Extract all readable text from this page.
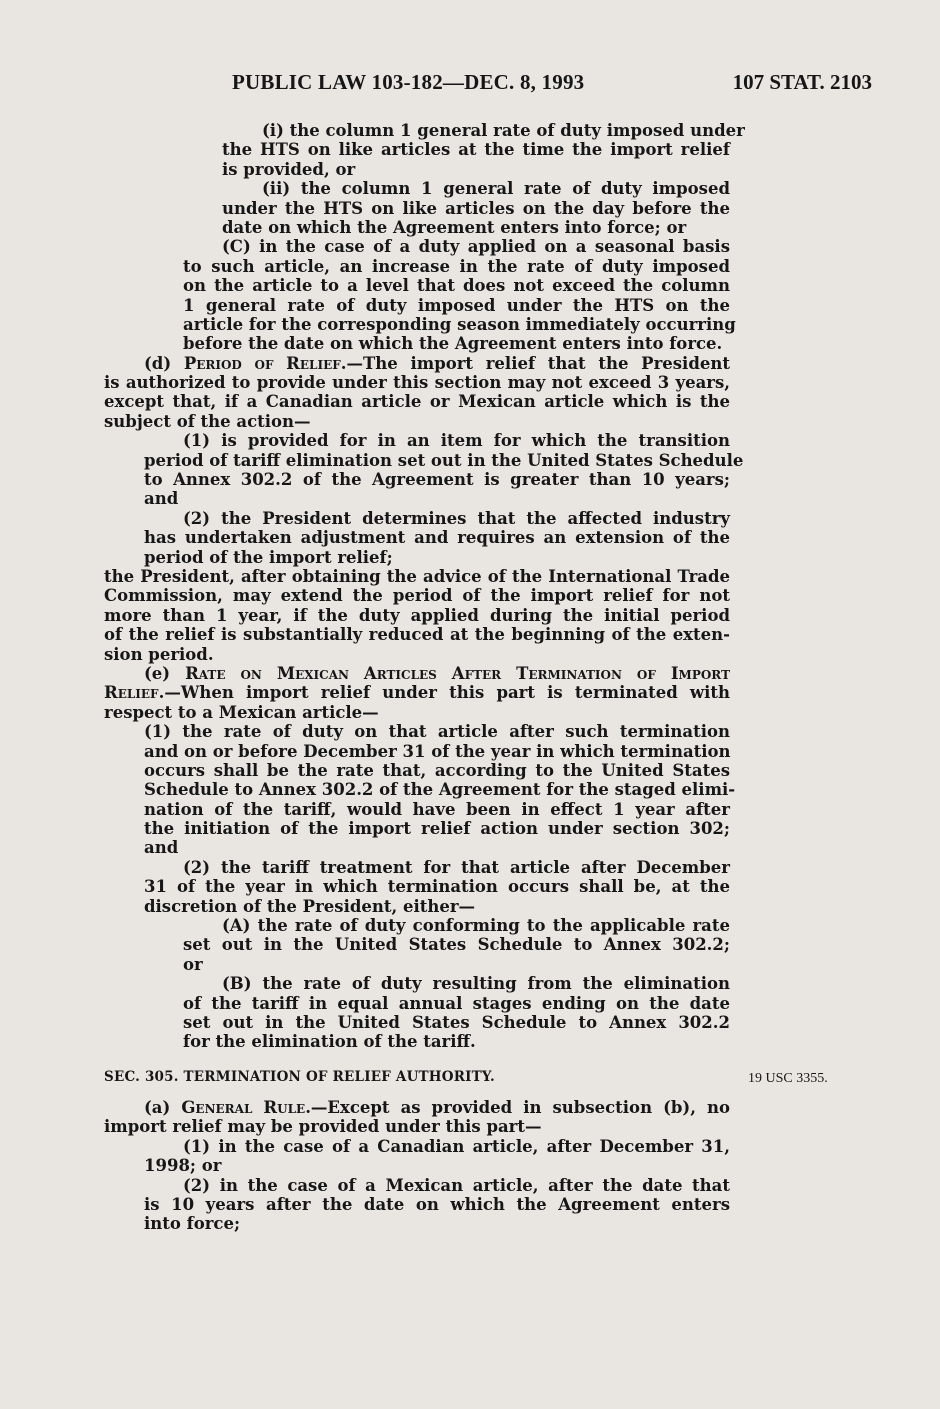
PUBLIC LAW 103-182—DEC. 8, 1993	107 STAT. 2103
(i) the column 1 general rate of duty imposed under
the HTS on like articles at the time the import relief
is provided, or
(ii) the column 1 general rate of duty imposed
under the HTS on like articles on the day before the
date on which the Agreement enters into force; or
(C) in the case of a duty applied on a seasonal basis
to such article, an increase in the rate of duty imposed
on the article to a level that does not exceed the column
1 general rate of duty imposed under the HTS on the
article for the corresponding season immediately occurring
before the date on which the Agreement enters into force.
(d) Period of Relief.—The import relief that the President
is authorized to provide under this section may not exceed 3 years,
except that, if a Canadian article or Mexican article which is the
subject of the action—
(1) is provided for in an item for which the transition
period of tariff elimination set out in the United States Schedule
to Annex 302.2 of the Agreement is greater than 10 years;
and
(2) the President determines that the affected industry
has undertaken adjustment and requires an extension of the
period of the import relief;
the President, after obtaining the advice of the International Trade
Commission, may extend the period of the import relief for not
more than 1 year, if the duty applied during the initial period
of the relief is substantially reduced at the beginning of the exten-
sion period.
(e) Rate on Mexican Articles After Termination of Import
Relief.—When import relief under this part is terminated with
respect to a Mexican article—
(1) the rate of duty on that article after such termination
and on or before December 31 of the year in which termination
occurs shall be the rate that, according to the United States
Schedule to Annex 302.2 of the Agreement for the staged elimi-
nation of the tariff, would have been in effect 1 year after
the initiation of the import relief action under section 302;
and
(2) the tariff treatment for that article after December
31 of the year in which termination occurs shall be, at the
discretion of the President, either—
(A) the rate of duty conforming to the applicable rate
set out in the United States Schedule to Annex 302.2;
or
(B) the rate of duty resulting from the elimination
of the tariff in equal annual stages ending on the date
set out in the United States Schedule to Annex 302.2
for the elimination of the tariff.
SEC. 305. TERMINATION OF RELIEF AUTHORITY.	19 USC 3355.
(a) General Rule.—Except as provided in subsection (b), no
import relief may be provided under this part—
(1) in the case of a Canadian article, after December 31,
1998; or
(2) in the case of a Mexican article, after the date that
is 10 years after the date on which the Agreement enters
into force;
